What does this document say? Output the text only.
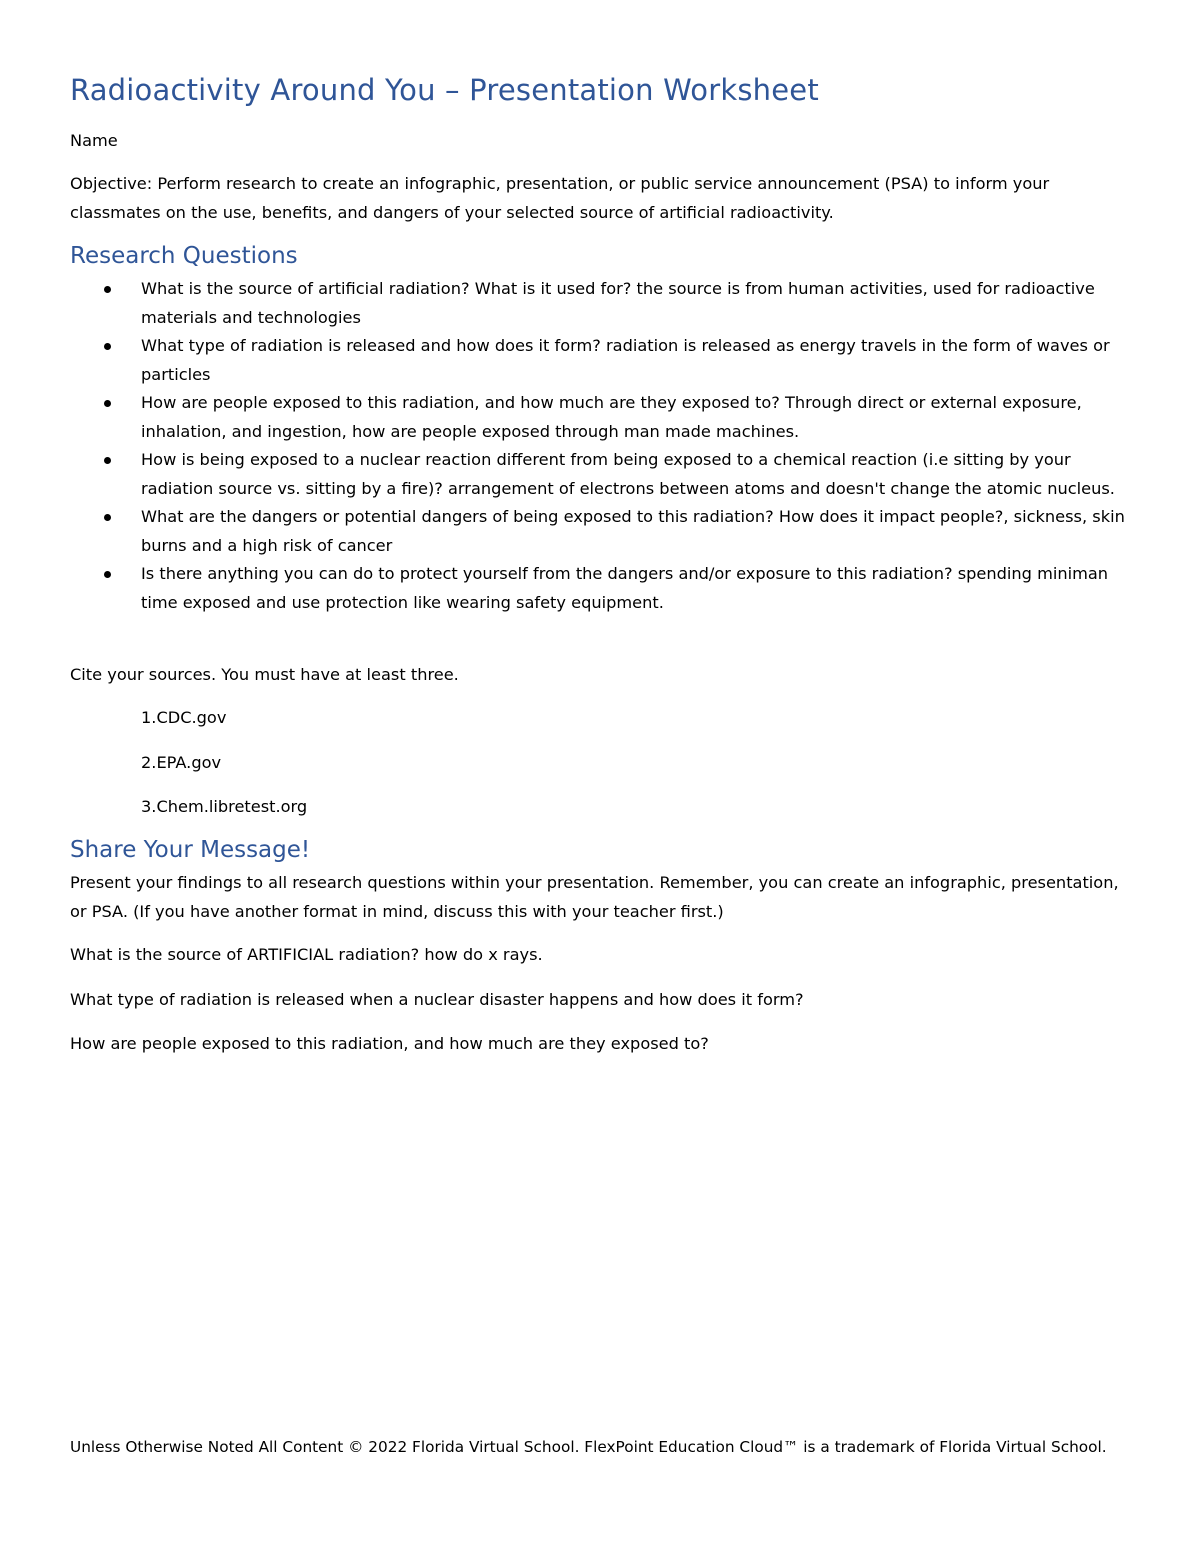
Radioactivity Around You – Presentation Worksheet

Name

Objective: Perform research to create an infographic, presentation, or public service announcement (PSA) to inform your classmates on the use, benefits, and dangers of your selected source of artificial radioactivity.

Research Questions
What is the source of artificial radiation? What is it used for? the source is from human activities, used for radioactive materials and technologies
What type of radiation is released and how does it form? radiation is released as energy travels in the form of waves or particles
How are people exposed to this radiation, and how much are they exposed to? Through direct or external exposure, inhalation, and ingestion, how are people exposed through man made machines.
How is being exposed to a nuclear reaction different from being exposed to a chemical reaction (i.e sitting by your radiation source vs. sitting by a fire)? arrangement of electrons between atoms and doesn't change the atomic nucleus.
What are the dangers or potential dangers of being exposed to this radiation? How does it impact people?, sickness, skin burns and a high risk of cancer
Is there anything you can do to protect yourself from the dangers and/or exposure to this radiation? spending miniman time exposed and use protection like wearing safety equipment.

Cite your sources. You must have at least three.

1.CDC.gov

2.EPA.gov

3.Chem.libretest.org

Share Your Message!

Present your findings to all research questions within your presentation. Remember, you can create an infographic, presentation, or PSA. (If you have another format in mind, discuss this with your teacher first.)

What is the source of ARTIFICIAL radiation? how do x rays.

What type of radiation is released when a nuclear disaster happens and how does it form?

How are people exposed to this radiation, and how much are they exposed to?

Unless Otherwise Noted All Content © 2022 Florida Virtual School. FlexPoint Education Cloud™ is a trademark of Florida Virtual School.
